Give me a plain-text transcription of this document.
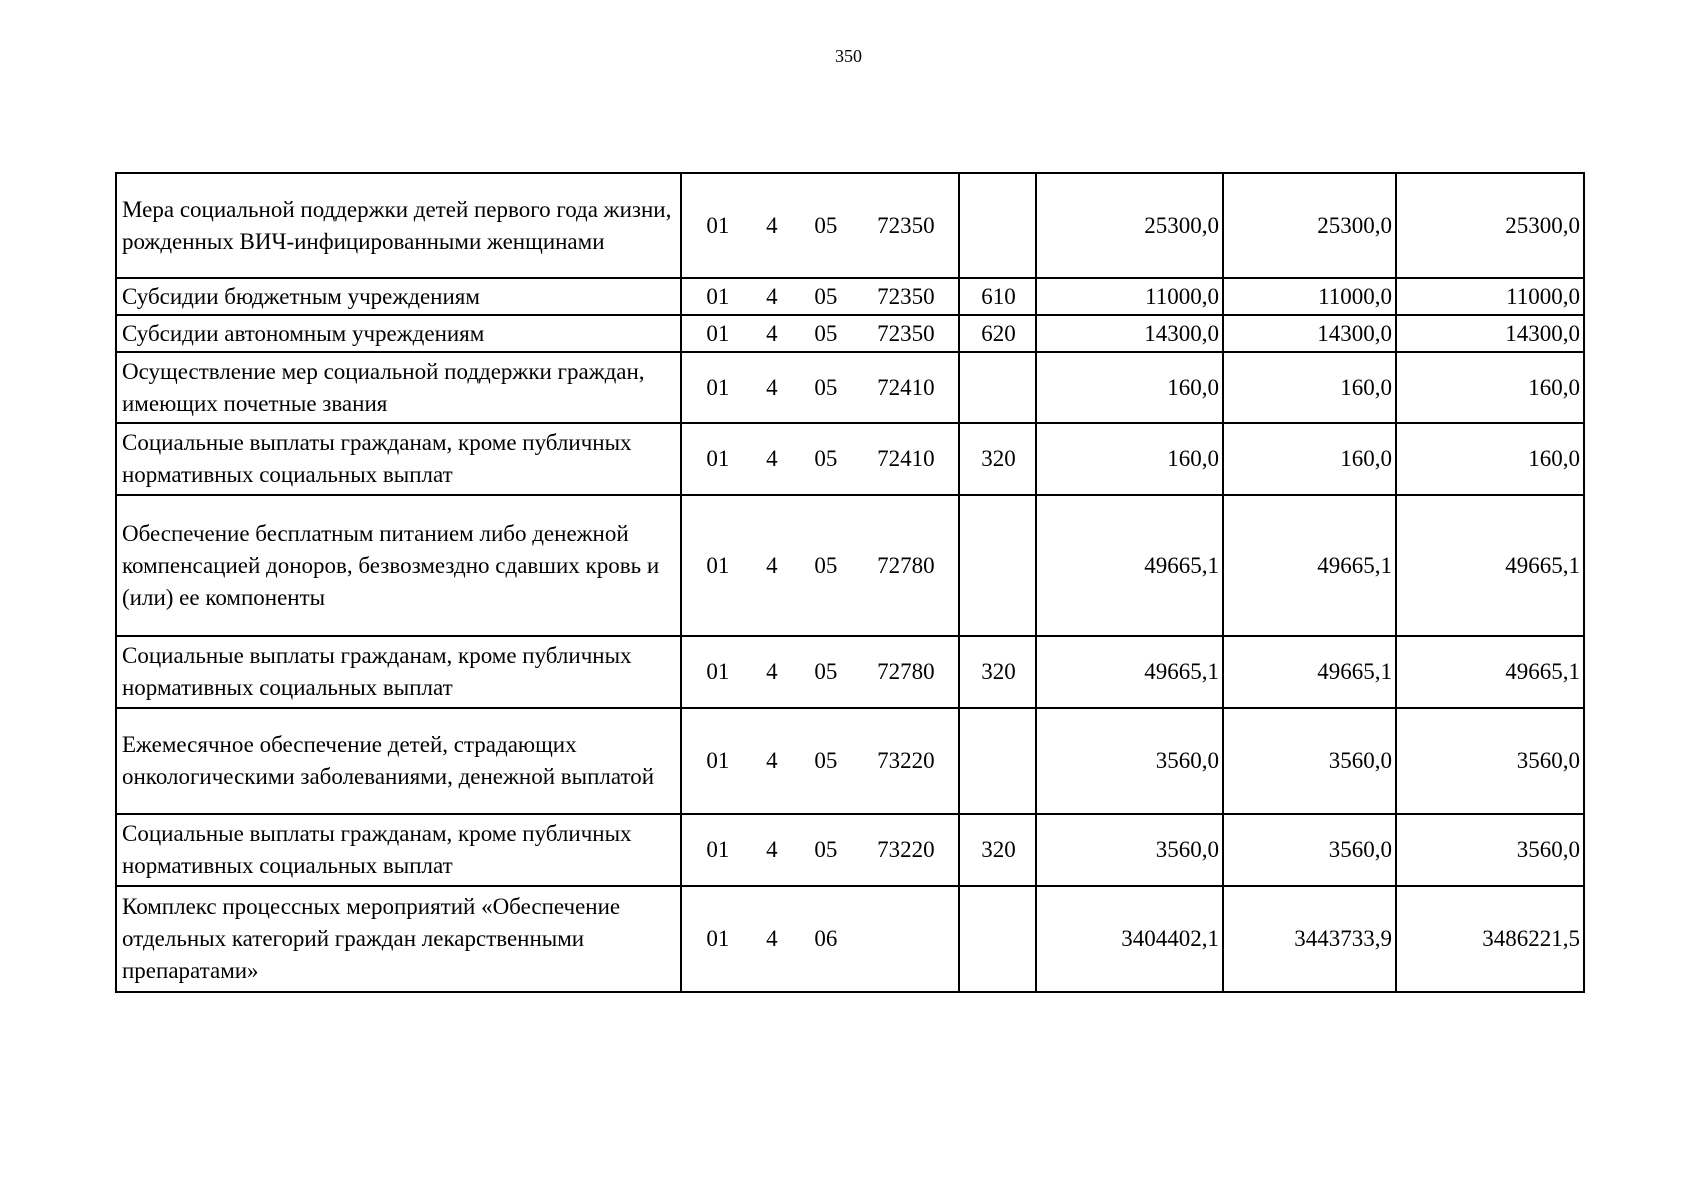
350
Мера социальной поддержки детей первого года жизни, рожденных ВИЧ-инфицированными женщинами	01 4 05 72350		25300,0	25300,0	25300,0
Субсидии бюджетным учреждениям	01 4 05 72350	610	11000,0	11000,0	11000,0
Субсидии автономным учреждениям	01 4 05 72350	620	14300,0	14300,0	14300,0
Осуществление мер социальной поддержки граждан, имеющих почетные звания	01 4 05 72410		160,0	160,0	160,0
Социальные выплаты гражданам, кроме публичных нормативных социальных выплат	01 4 05 72410	320	160,0	160,0	160,0
Обеспечение бесплатным питанием либо денежной компенсацией доноров, безвозмездно сдавших кровь и (или) ее компоненты	01 4 05 72780		49665,1	49665,1	49665,1
Социальные выплаты гражданам, кроме публичных нормативных социальных выплат	01 4 05 72780	320	49665,1	49665,1	49665,1
Ежемесячное обеспечение детей, страдающих онкологическими заболеваниями, денежной выплатой	01 4 05 73220		3560,0	3560,0	3560,0
Социальные выплаты гражданам, кроме публичных нормативных социальных выплат	01 4 05 73220	320	3560,0	3560,0	3560,0
Комплекс процессных мероприятий «Обеспечение отдельных категорий граждан лекарственными препаратами»	01 4 06		3404402,1	3443733,9	3486221,5
